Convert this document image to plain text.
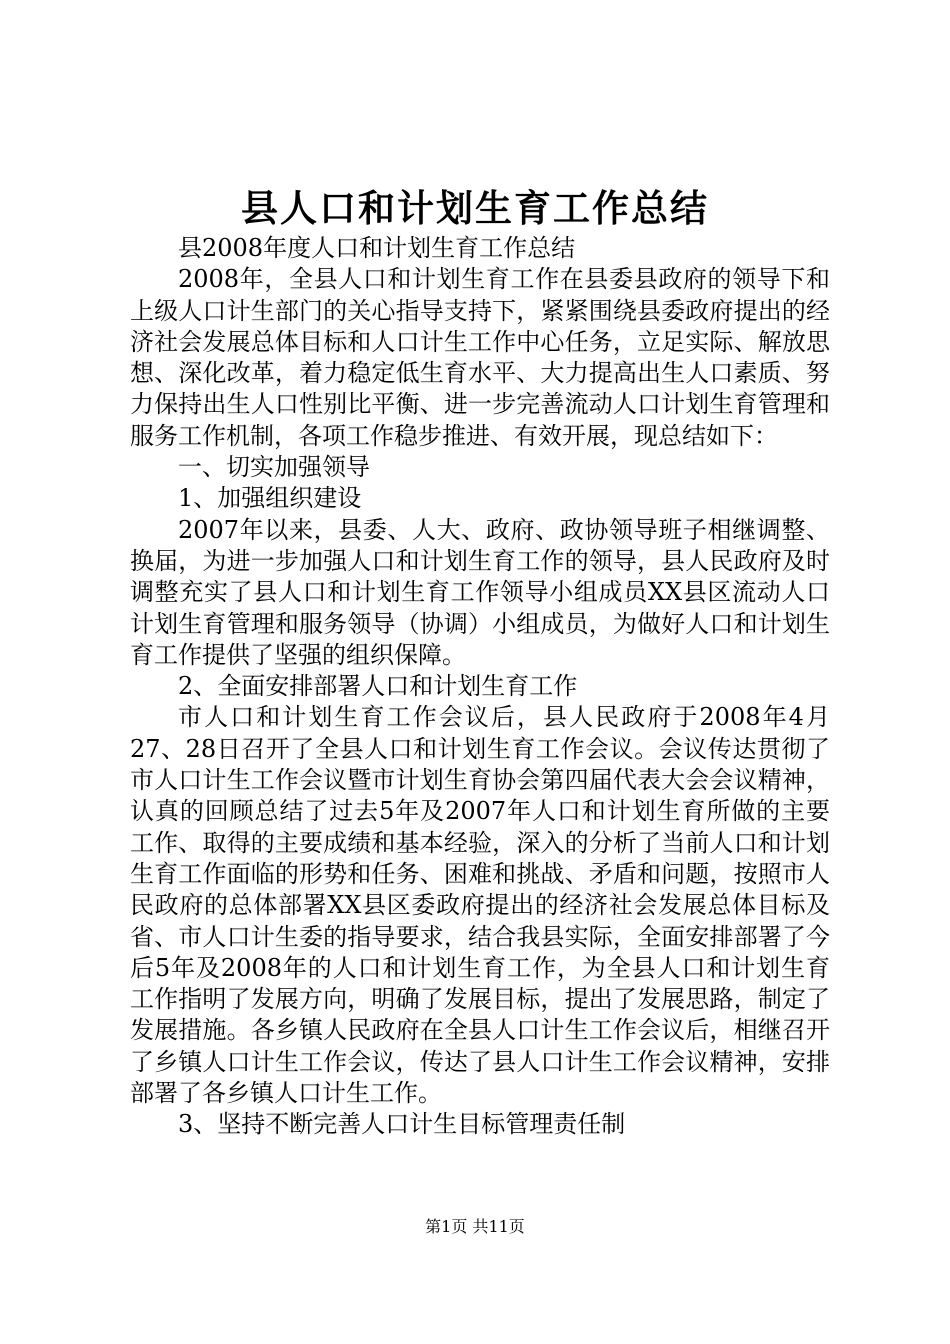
县人口和计划生育工作总结

县2008年度人口和计划生育工作总结

2008年，全县人口和计划生育工作在县委县政府的领导下和上级人口计生部门的关心指导支持下，紧紧围绕县委政府提出的经济社会发展总体目标和人口计生工作中心任务，立足实际、解放思想、深化改革，着力稳定低生育水平、大力提高出生人口素质、努力保持出生人口性别比平衡、进一步完善流动人口计划生育管理和服务工作机制，各项工作稳步推进、有效开展，现总结如下：

一、切实加强领导

1、加强组织建设

2007年以来，县委、人大、政府、政协领导班子相继调整、换届，为进一步加强人口和计划生育工作的领导，县人民政府及时调整充实了县人口和计划生育工作领导小组成员XX县区流动人口计划生育管理和服务领导（协调）小组成员，为做好人口和计划生育工作提供了坚强的组织保障。

2、全面安排部署人口和计划生育工作

市人口和计划生育工作会议后，县人民政府于2008年4月27、28日召开了全县人口和计划生育工作会议。会议传达贯彻了市人口计生工作会议暨市计划生育协会第四届代表大会会议精神，认真的回顾总结了过去5年及2007年人口和计划生育所做的主要工作、取得的主要成绩和基本经验，深入的分析了当前人口和计划生育工作面临的形势和任务、困难和挑战、矛盾和问题，按照市人民政府的总体部署XX县区委政府提出的经济社会发展总体目标及省、市人口计生委的指导要求，结合我县实际，全面安排部署了今后5年及2008年的人口和计划生育工作，为全县人口和计划生育工作指明了发展方向，明确了发展目标，提出了发展思路，制定了发展措施。各乡镇人民政府在全县人口计生工作会议后，相继召开了乡镇人口计生工作会议，传达了县人口计生工作会议精神，安排部署了各乡镇人口计生工作。

3、坚持不断完善人口计生目标管理责任制

第1页 共11页
